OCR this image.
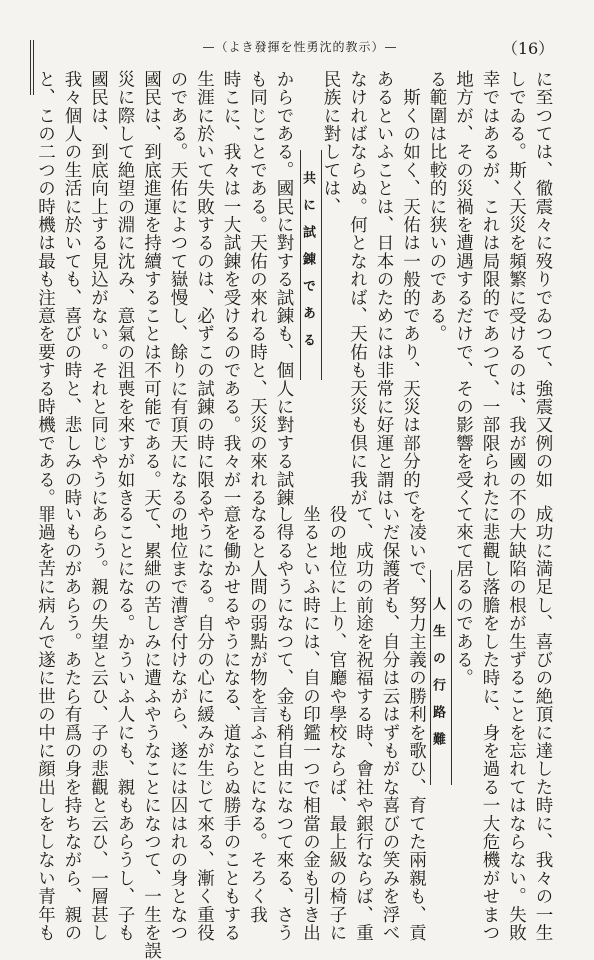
—（よき發揮を性勇沈的教示）—	（16）
に至つては、徹震々に歿りでゐつて、強震又例の如
しでゐる。斯く天災を頻繁に受けるのは、我が國の不
幸ではあるが、これは局限的であつて、一部限られた
地方が、その災禍を遭遇するだけで、その影響を受く
る範圍は比較的に狭いのである。
　斯くの如く、天佑は一般的であり、天災は部分的で
あるといふことは、日本のためには非常に好運と謂は
なければならぬ。何となれば、天佑も天災も倶に我が
民族に對しては、
共に試錬である
からである。國民に對する試錬も、個人に對する試錬
も同じことである。天佑の來れる時と、天災の來れる
時こに、我々は一大試錬を受けるのである。我々が一
生涯に於いて失敗するのは、必ずこの試錬の時に限る
のである。天佑によつて嶽慢し、餘りに有頂天になる
國民は、到底進運を持續することは不可能である。天
災に際して絶望の淵に沈み、意氣の沮喪を來すが如き
國民は、到底向上する見込がない。それと同じやうに
我々個人の生活に於いても、喜びの時と、悲しみの時
と、この二つの時機は最も注意を要する時機である。
成功に満足し、喜びの絶頂に達した時に、我々の一生
の大缺陷の根が生ずることを忘れてはならない。失敗
に悲觀し落膽をした時に、身を過る一大危機がせまつ
て來て居るのである。
人生の行路難
を凌いで、努力主義の勝利を歌ひ、育てた兩親も、貢
いだ保護者も、自分は云はずもがな喜びの笑みを浮べ
て、成功の前途を祝福する時、會社や銀行ならば、重
役の地位に上り、官廳や學校ならば、最上級の椅子に
坐るといふ時には、自の印鑑一つで相當の金も引き出
し得るやうになつて、金も稍自由になつて來る、さう
なると人間の弱點が物を言ふことになる。そろく我
意を働かせるやうになる、道ならぬ勝手のこともする
やうになる。自分の心に緩みが生じて來る、漸く重役
の地位まで漕ぎ付けながら、遂には囚はれの身となつ
て、累紲の苦しみに遭ふやうなことになつて、一生を誤
ることになる。かういふ人にも、親もあらうし、子も
あらう。親の失望と云ひ、子の悲觀と云ひ、一層甚し
いものがあらう。あたら有爲の身を持ちながら、親の
罪過を苦に病んで遂に世の中に顔出しをしない青年も
